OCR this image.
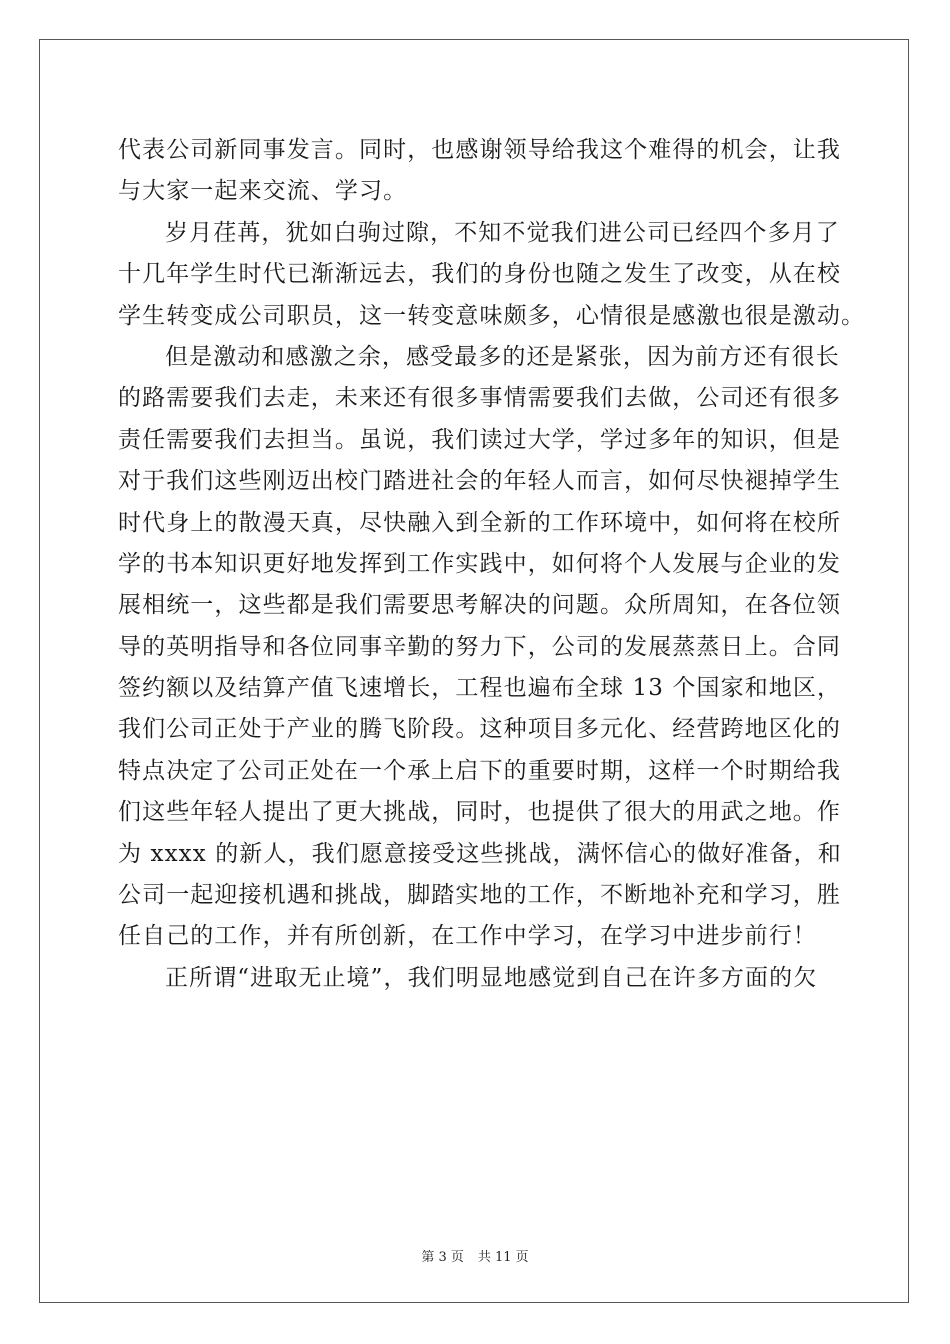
代表公司新同事发言。同时，也感谢领导给我这个难得的机会，让我
与大家一起来交流、学习。
岁月荏苒，犹如白驹过隙，不知不觉我们进公司已经四个多月了
十几年学生时代已渐渐远去，我们的身份也随之发生了改变，从在校
学生转变成公司职员，这一转变意味颇多，心情很是感激也很是激动。
但是激动和感激之余，感受最多的还是紧张，因为前方还有很长
的路需要我们去走，未来还有很多事情需要我们去做，公司还有很多
责任需要我们去担当。虽说，我们读过大学，学过多年的知识，但是
对于我们这些刚迈出校门踏进社会的年轻人而言，如何尽快褪掉学生
时代身上的散漫天真，尽快融入到全新的工作环境中，如何将在校所
学的书本知识更好地发挥到工作实践中，如何将个人发展与企业的发
展相统一，这些都是我们需要思考解决的问题。众所周知，在各位领
导的英明指导和各位同事辛勤的努力下，公司的发展蒸蒸日上。合同
签约额以及结算产值飞速增长，工程也遍布全球 13 个国家和地区，
我们公司正处于产业的腾飞阶段。这种项目多元化、经营跨地区化的
特点决定了公司正处在一个承上启下的重要时期，这样一个时期给我
们这些年轻人提出了更大挑战，同时，也提供了很大的用武之地。作
为 xxxx 的新人，我们愿意接受这些挑战，满怀信心的做好准备，和
公司一起迎接机遇和挑战，脚踏实地的工作，不断地补充和学习，胜
任自己的工作，并有所创新，在工作中学习，在学习中进步前行！
正所谓“进取无止境”，我们明显地感觉到自己在许多方面的欠
第 3 页 共 11 页
